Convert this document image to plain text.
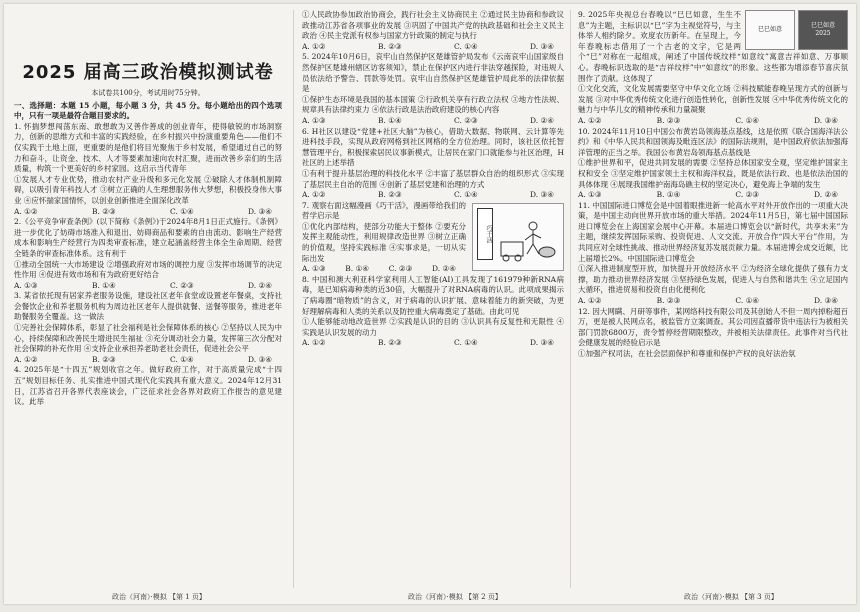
2025 届高三政治模拟测试卷
本试卷共100分，考试用时75分钟。

一、选择题：本题 15 小题，每小题 3 分，共 45 分。每小题给出的四个选项中，只有一项是最符合题目要求的。

1. 怀揣梦想闯荡东南、敢想敢为又善作善成的创业青年，使得敏锐的市场洞察力，创新的思维方式和丰富的实践经验，在乡村振兴中扮演重要角色——他们不仅实践于土地上面，更重要的是他们将目光聚焦于乡村发展，希望通过自己的努力和奋斗，让资金、技术、人才等要素加速向农村汇聚，进而改善乡亲们的生活质量，构筑一个更美好的乡村家园。这启示当代青年

①发展人才专业优势，推动农村产业升级和多元化发展 ②破除人才体制机制障碍，以吸引青年科技人才 ③树立正确的人生理想服务伟大梦想，积极投身伟大事业 ④应怀揣家国情怀，以创业创新推进全面深化改革

A. ①②	B. ②③	C. ①④	D. ③④

2.《公平竞争审查条例》(以下简称《条例》)于2024年8月1日正式施行。《条例》进一步优化了妨碍市场准入和退出、妨碍商品和要素的自由流动、影响生产经营成本和影响生产经营行为四类审查标准，建立起涵盖经营主体全生命周期、经营全链条的审查标准体系。这有利于

①推动全国统一大市场建设 ②增强政府对市场的调控力度 ③发挥市场调节的决定性作用 ④促进有效市场和有为政府更好结合

A. ①③	B. ①④	C. ②③	D. ②④

3. 某省依托现有居家养老服务设施，建设社区老年食堂或设置老年餐桌，支持社会餐饮企业和养老服务机构为周边社区老年人提供就餐、送餐等服务，推进老年助餐服务全覆盖。这一做法

①完善社会保障体系，彰显了社会福利是社会保障体系的核心 ②坚持以人民为中心，持续保障和改善民生增进民生福祉 ③充分调动社会力量，发挥第三次分配对社会保障的补充作用 ④支持企业承担养老助老社会责任，促进社会公平

A. ①②	B. ②③	C. ①④	D. ③④

4. 2025年是“十四五”规划收官之年。做好政府工作，对于高质量完成“十四五”规划目标任务、扎实推进中国式现代化实践具有重大意义。2024年12月31日，江苏省召开各界代表座谈会，广泛征求社会各界对政府工作报告的意见建议。此举

①人民政协参加政治协商会，践行社会主义协商民主 ②通过民主协商和参政议政推动江苏省各项事业的发展 ③巩固了中国共产党的执政基础和社会主义民主政治 ④民主党派有权参与国家方针政策的制定与执行

A. ①②	B. ②③	C. ①④	D. ③④

5. 2024年10月6日，哀牢山自然保护区楚雄管护局发布《云南哀牢山国家级自然保护区楚雄州辖区访客须知》，禁止在保护区内进行非法穿越探险，对违规人员依法给予警告、罚款等处罚。哀牢山自然保护区楚雄管护局此举的法律依据是

①保护生态环境是我国的基本国策 ②行政机关享有行政立法权 ③地方性法规、规章具有法律约束力 ④依法行政是法治政府建设的核心内容

A. ①③	B. ①④	C. ②③	D. ②④

6. H社区以建设“党建+社区大脑”为核心，借助大数据、物联网、云计算等先进科技手段，实现从政府网格到社区网格的全方位治理。同时，该社区依托智慧管理平台，积极探索居民议事新模式，让居民在家门口就能参与社区治理，H社区的上述举措

①有利于提升基层治理的科技化水平 ②丰富了基层群众自治的组织形式 ③实现了基层民主自治的范围 ④创新了基层党建和治理的方式

A. ①②	B. ②③	C. ①④	D. ③④
巧干活

7. 观察右面这幅漫画《巧干活》，漫画带给我们的哲学启示是

①优化内部结构，使部分功能大于整体 ②要充分发挥主观能动性，利用规律改造世界 ③树立正确的价值观，坚持实践标准 ④实事求是，一切从实际出发

A. ①③	B. ①④	C. ②③	D. ②④

8. 中国和澳大利亚科学家利用人工智能(AI)工具发现了161979种新RNA病毒，是已知病毒种类的近30倍，大幅提升了对RNA病毒的认识。此项成果揭示了病毒圈“暗物质”的含义，对于病毒的认识扩展、意味着能力的新突破，为更好理解病毒和人类的关系以及防控重大病毒奠定了基础。由此可见

①人能够能动地改造世界 ②实践是认识的目的 ③认识具有反复性和无限性 ④实践是认识发展的动力

A. ①②	B. ②③	C. ①④	D. ③④
巳巳如意
巳巳如意
2025

9. 2025年央视总台春晚以“巳巳如意，生生不息”为主题，主标识以“巳”字为主视觉符号，与主体举人相约除夕。欢度农历新年。在呈现上，今年春晚标志借用了一个古老的文字，它是两个“巳”对称在一起组成，阐述了中国传统纹样“如意纹”寓意吉祥如意、万事顺心。春晚标识选取的是“吉祥纹样”中“如意纹”的形象。这些都为增添春节喜庆氛围作了贡献。这体现了

①文化交流，文化发展需要坚守中华文化立场 ②科技赋能春晚呈现方式的创新与发展 ③对中华优秀传统文化进行创造性转化，创新性发展 ④中华优秀传统文化的魅力与中华儿女的精神传承和力量凝聚

A. ①②	B. ②③	C. ①④	D. ③④

10. 2024年11月10日中国公布黄岩岛领海基点基线，这是依照《联合国海洋法公约》和《中华人民共和国领海及毗连区法》的国际法规则，是中国政府依法加强海洋管理的正当之举。我国公布黄岩岛领海基点基线是

①维护世界和平，促进共同发展的需要 ②坚持总体国家安全观，坚定维护国家主权和安全 ③坚定维护国家领土主权和海洋权益，既是依法行政、也是依法治国的具体体现 ④展现我国维护南海岛礁主权的坚定决心，避免海上争端的发生

A. ①③	B. ①④	C. ②③	D. ②④

11. 中国国际进口博览会是中国着眼推进新一轮高水平对外开放作出的一项重大决策，是中国主动向世界开放市场的重大举措。2024年11月5日，第七届中国国际进口博览会在上海国家会展中心开幕。本届进口博览会以“新时代，共享未来”为主题，继续发挥国际采购、投资促进、人文交流、开放合作“四大平台”作用，为共同应对全球性挑战、推动世界经济复苏发展贡献力量。本届进博会成交近额，比上届增长2%。中国国际进口博览会

①深入推进制度型开放，加快提升开放经济水平 ②为经济全球化提供了强有力支撑，助力推动世界经济发展 ③坚持绿色发展，促进人与自然和谐共生 ④立足国内大循环，推进贸易和投资自由化便利化

A. ①②	B. ②③	C. ①④	D. ③④

12. 因大网瞒、月研等事件，某网络科技有限公司及其创始人不但一周内掉粉超百万，更是被人民网点名，被监管方立案调查。其公司因直播带货中违法行为被相关部门罚款6800万，责令暂停经营期限整改，并被相关法律责任。此事件对当代社会健康发展的经验启示是

①加强产权司法，在社会层面保护和尊重和保护产权的良好法治氛

政治（河南）·模拟 【第 1 页】	政治（河南）·模拟 【第 2 页】	政治（河南）·模拟 【第 3 页】
